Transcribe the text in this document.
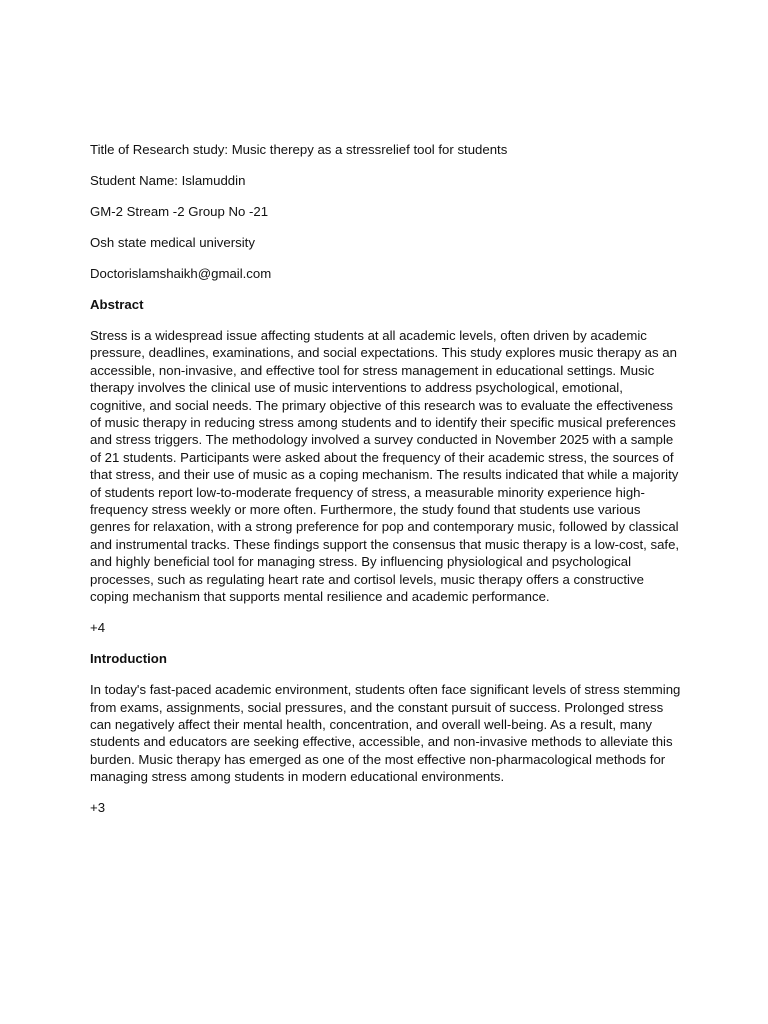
Title of Research study: Music therepy as a stressrelief tool for students
Student Name: Islamuddin
GM-2 Stream -2 Group No -21
Osh state medical university
Doctorislamshaikh@gmail.com
Abstract
Stress is a widespread issue affecting students at all academic levels, often driven by academic pressure, deadlines, examinations, and social expectations. This study explores music therapy as an accessible, non-invasive, and effective tool for stress management in educational settings. Music therapy involves the clinical use of music interventions to address psychological, emotional, cognitive, and social needs. The primary objective of this research was to evaluate the effectiveness of music therapy in reducing stress among students and to identify their specific musical preferences and stress triggers. The methodology involved a survey conducted in November 2025 with a sample of 21 students. Participants were asked about the frequency of their academic stress, the sources of that stress, and their use of music as a coping mechanism. The results indicated that while a majority of students report low-to-moderate frequency of stress, a measurable minority experience high-frequency stress weekly or more often. Furthermore, the study found that students use various genres for relaxation, with a strong preference for pop and contemporary music, followed by classical and instrumental tracks. These findings support the consensus that music therapy is a low-cost, safe, and highly beneficial tool for managing stress. By influencing physiological and psychological processes, such as regulating heart rate and cortisol levels, music therapy offers a constructive coping mechanism that supports mental resilience and academic performance.
+4
Introduction
In today's fast-paced academic environment, students often face significant levels of stress stemming from exams, assignments, social pressures, and the constant pursuit of success. Prolonged stress can negatively affect their mental health, concentration, and overall well-being. As a result, many students and educators are seeking effective, accessible, and non-invasive methods to alleviate this burden. Music therapy has emerged as one of the most effective non-pharmacological methods for managing stress among students in modern educational environments.
+3
